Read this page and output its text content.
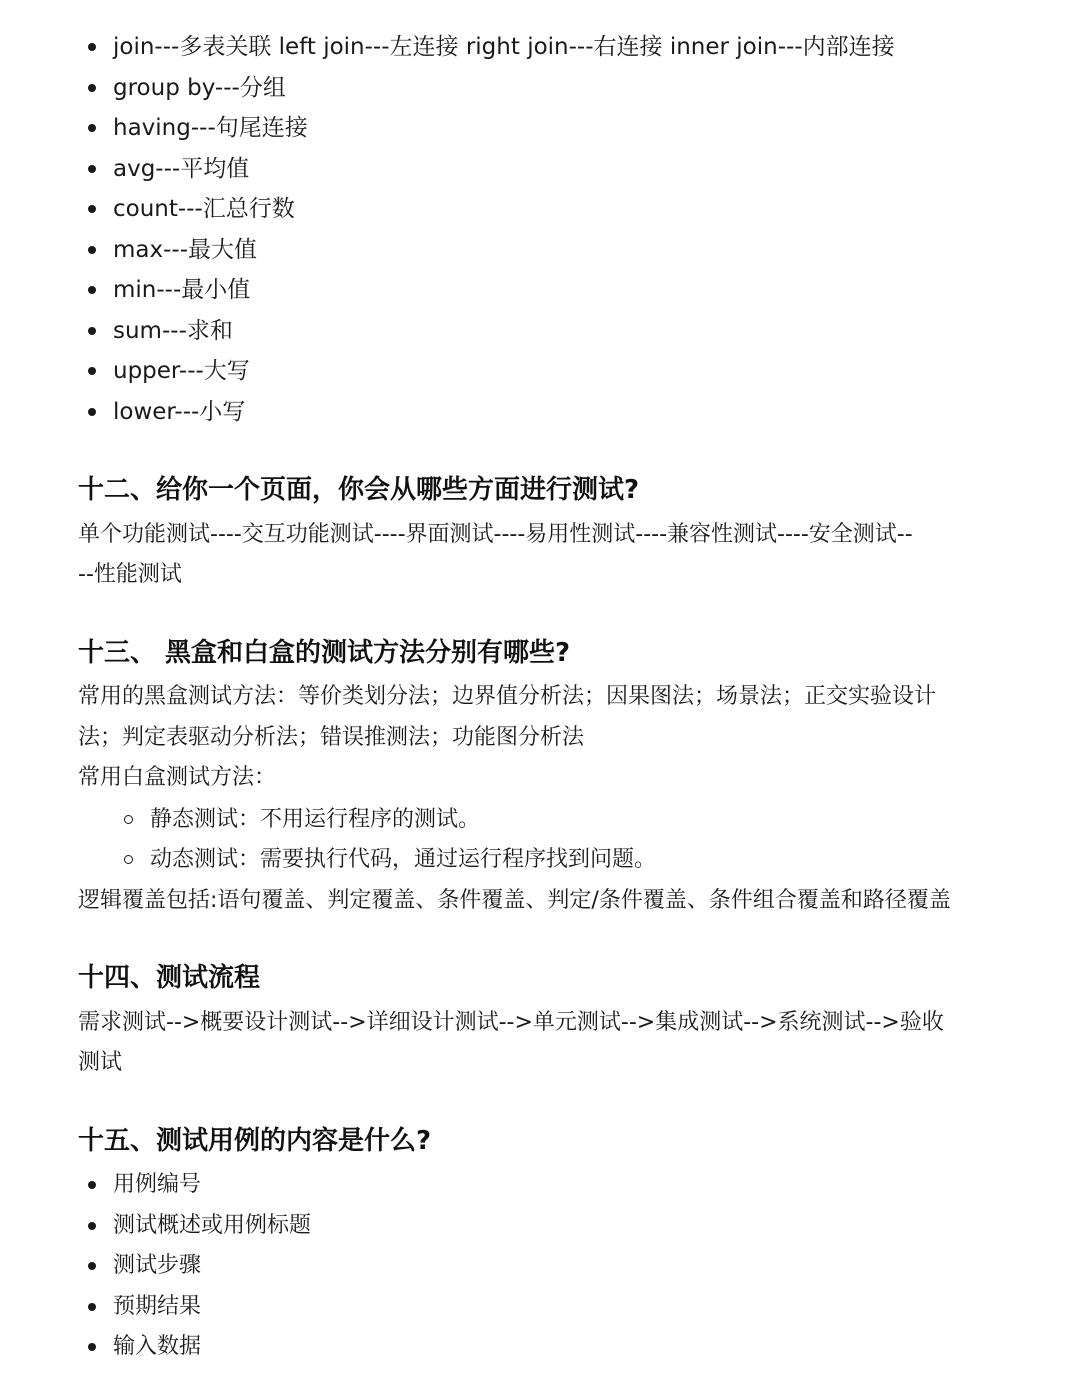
join---多表关联 left join---左连接 right join---右连接 inner join---内部连接
group by---分组
having---句尾连接
avg---平均值
count---汇总行数
max---最大值
min---最小值
sum---求和
upper---大写
lower---小写
十二、给你一个页面，你会从哪些方面进行测试?
单个功能测试----交互功能测试----界面测试----易用性测试----兼容性测试----安全测试--
--性能测试
十三、 黑盒和白盒的测试方法分别有哪些?
常用的黑盒测试方法：等价类划分法；边界值分析法；因果图法；场景法；正交实验设计
法；判定表驱动分析法；错误推测法；功能图分析法
常用白盒测试方法：
静态测试：不用运行程序的测试。
动态测试：需要执行代码，通过运行程序找到问题。
逻辑覆盖包括:语句覆盖、判定覆盖、条件覆盖、判定/条件覆盖、条件组合覆盖和路径覆盖
十四、测试流程
需求测试-->概要设计测试-->详细设计测试-->单元测试-->集成测试-->系统测试-->验收
测试
十五、测试用例的内容是什么?
用例编号
测试概述或用例标题
测试步骤
预期结果
输入数据
